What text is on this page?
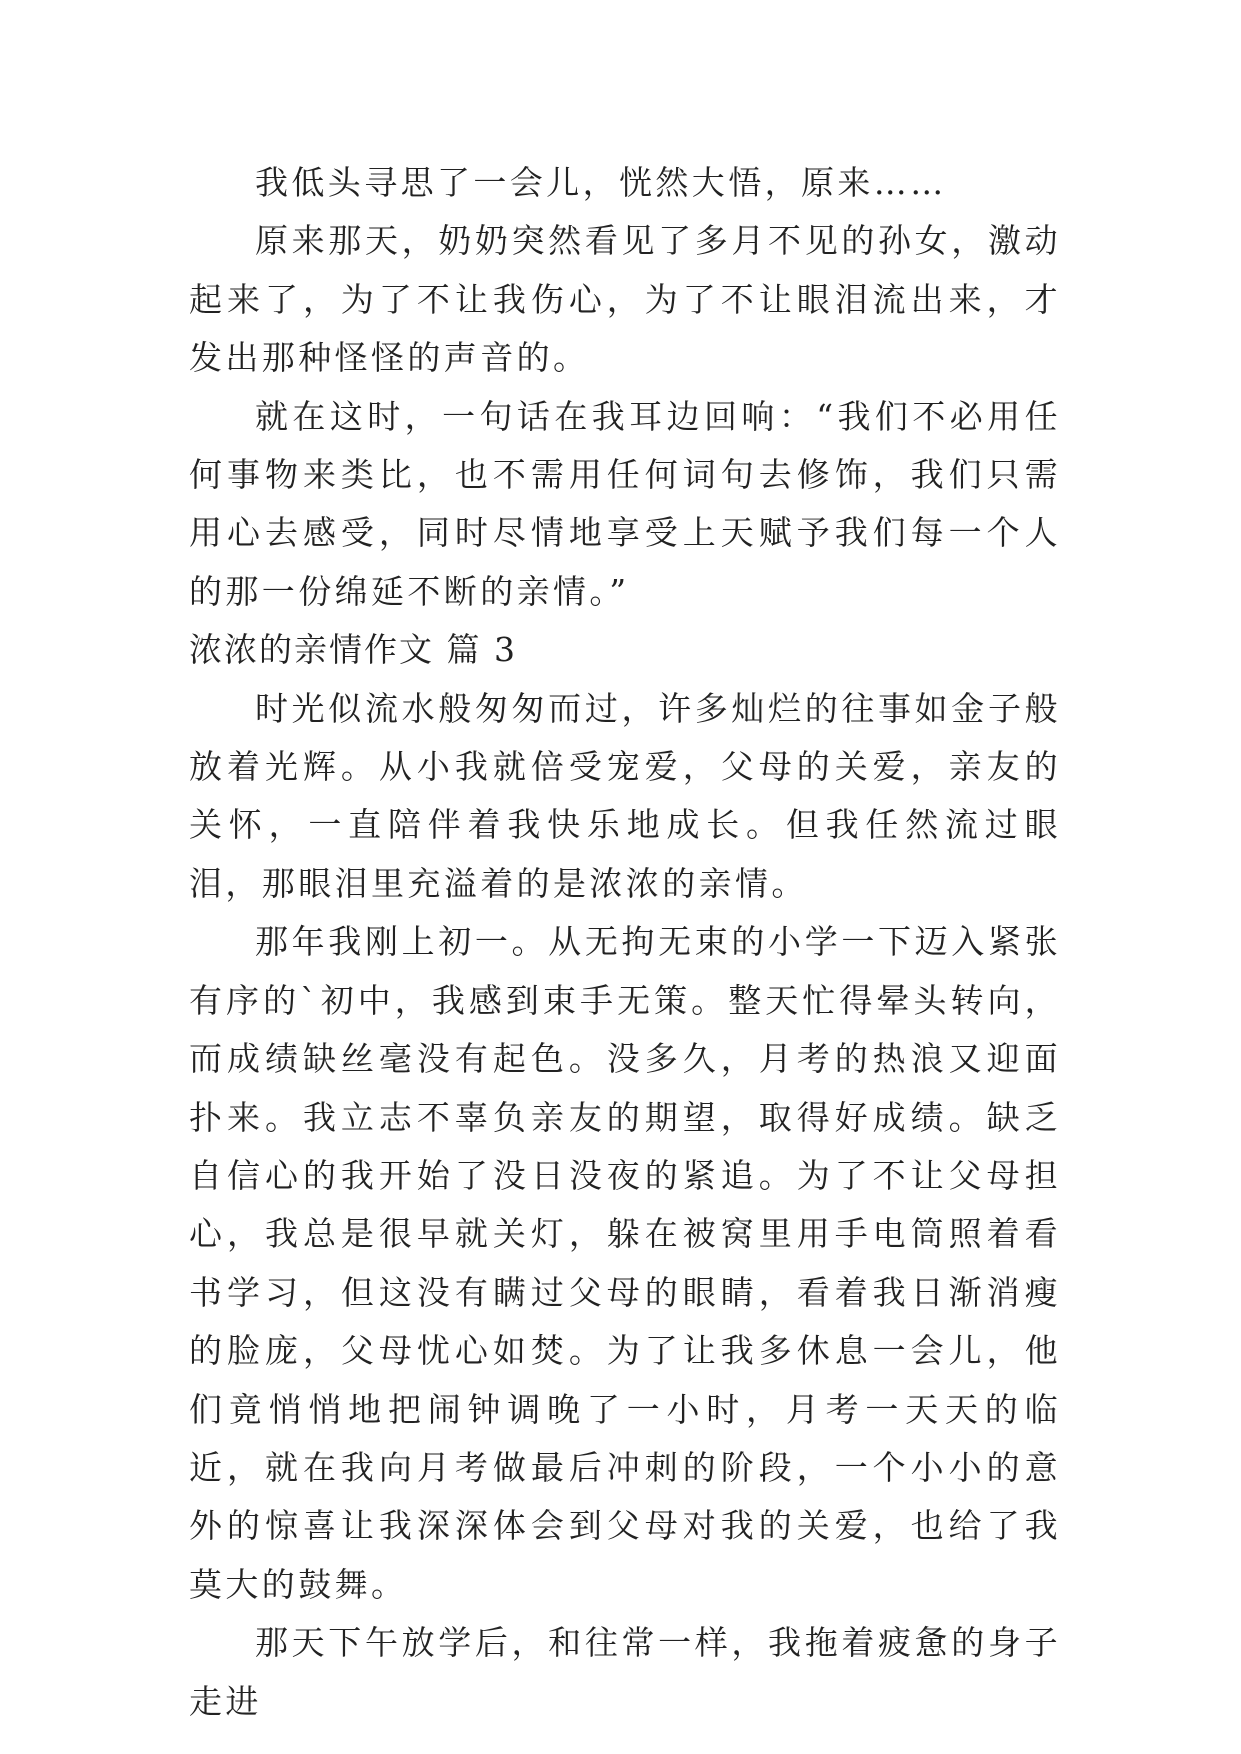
我低头寻思了一会儿，恍然大悟，原来……

原来那天，奶奶突然看见了多月不见的孙女，激动起来了，为了不让我伤心，为了不让眼泪流出来，才发出那种怪怪的声音的。

就在这时，一句话在我耳边回响：“我们不必用任何事物来类比，也不需用任何词句去修饰，我们只需用心去感受，同时尽情地享受上天赋予我们每一个人的那一份绵延不断的亲情。”

浓浓的亲情作文 篇 3

时光似流水般匆匆而过，许多灿烂的往事如金子般放着光辉。从小我就倍受宠爱，父母的关爱，亲友的关怀，一直陪伴着我快乐地成长。但我任然流过眼泪，那眼泪里充溢着的是浓浓的亲情。

那年我刚上初一。从无拘无束的小学一下迈入紧张有序的`初中，我感到束手无策。整天忙得晕头转向，而成绩缺丝毫没有起色。没多久，月考的热浪又迎面扑来。我立志不辜负亲友的期望，取得好成绩。缺乏自信心的我开始了没日没夜的紧追。为了不让父母担心，我总是很早就关灯，躲在被窝里用手电筒照着看书学习，但这没有瞒过父母的眼睛，看着我日渐消瘦的脸庞，父母忧心如焚。为了让我多休息一会儿，他们竟悄悄地把闹钟调晚了一小时，月考一天天的临近，就在我向月考做最后冲刺的阶段，一个小小的意外的惊喜让我深深体会到父母对我的关爱，也给了我莫大的鼓舞。

那天下午放学后，和往常一样，我拖着疲惫的身子走进
